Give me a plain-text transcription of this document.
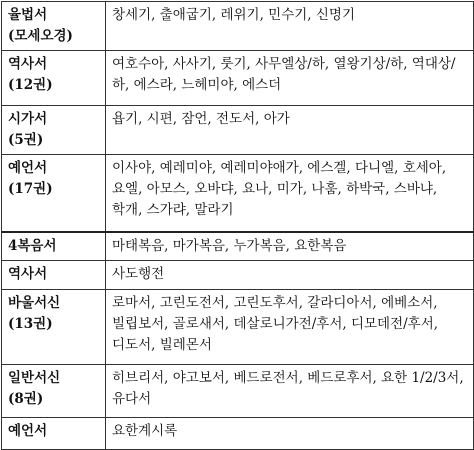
율법서
(모세오경)	창세기, 출애굽기, 레위기, 민수기, 신명기
역사서
(12권)	여호수아, 사사기, 룻기, 사무엘상/하, 열왕기상/하, 역대상/하, 에스라, 느헤미야, 에스더
시가서
(5권)	욥기, 시편, 잠언, 전도서, 아가
예언서
(17권)	이사야, 예레미야, 예레미야애가, 에스겔, 다니엘, 호세아, 요엘, 아모스, 오바댜, 요나, 미가, 나훔, 하박국, 스바냐, 학개, 스가랴, 말라기
4복음서	마태복음, 마가복음, 누가복음, 요한복음
역사서	사도행전
바울서신
(13권)	로마서, 고린도전서, 고린도후서, 갈라디아서, 에베소서, 빌립보서, 골로새서, 데살로니가전/후서, 디모데전/후서, 디도서, 빌레몬서
일반서신
(8권)	히브리서, 야고보서, 베드로전서, 베드로후서, 요한 1/2/3서, 유다서
예언서	요한계시록
